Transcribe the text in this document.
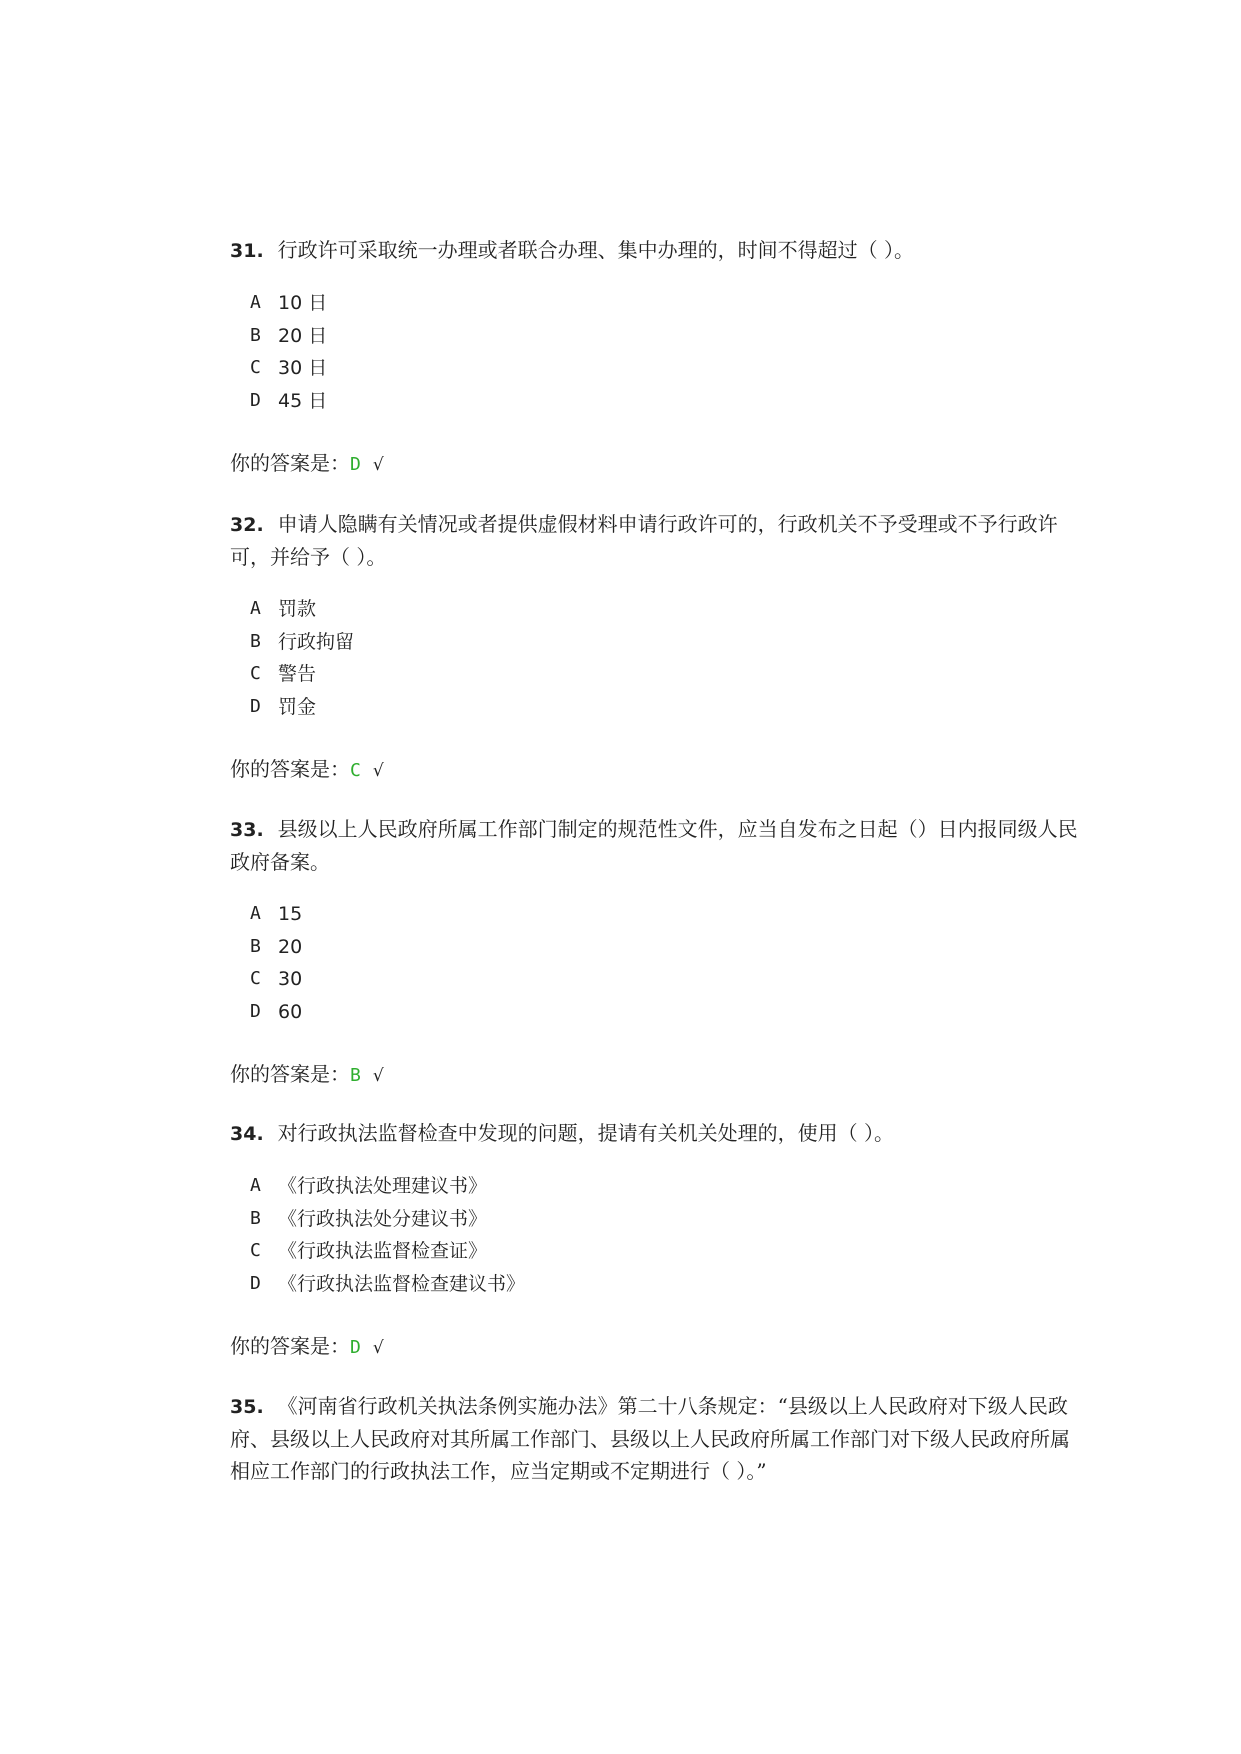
31. 行政许可采取统一办理或者联合办理、集中办理的，时间不得超过（ ）。

A 10 日
B 20 日
C 30 日
D 45 日
你的答案是：D √

32. 申请人隐瞒有关情况或者提供虚假材料申请行政许可的，行政机关不予受理或不予行政许可，并给予（ ）。

A 罚款
B 行政拘留
C 警告
D 罚金
你的答案是：C √

33. 县级以上人民政府所属工作部门制定的规范性文件，应当自发布之日起（）日内报同级人民政府备案。

A 15
B 20
C 30
D 60
你的答案是：B √

34. 对行政执法监督检查中发现的问题，提请有关机关处理的，使用（ ）。

A 《行政执法处理建议书》
B 《行政执法处分建议书》
C 《行政执法监督检查证》
D 《行政执法监督检查建议书》
你的答案是：D √

35. 《河南省行政机关执法条例实施办法》第二十八条规定：“县级以上人民政府对下级人民政府、县级以上人民政府对其所属工作部门、县级以上人民政府所属工作部门对下级人民政府所属相应工作部门的行政执法工作，应当定期或不定期进行（ ）。”
